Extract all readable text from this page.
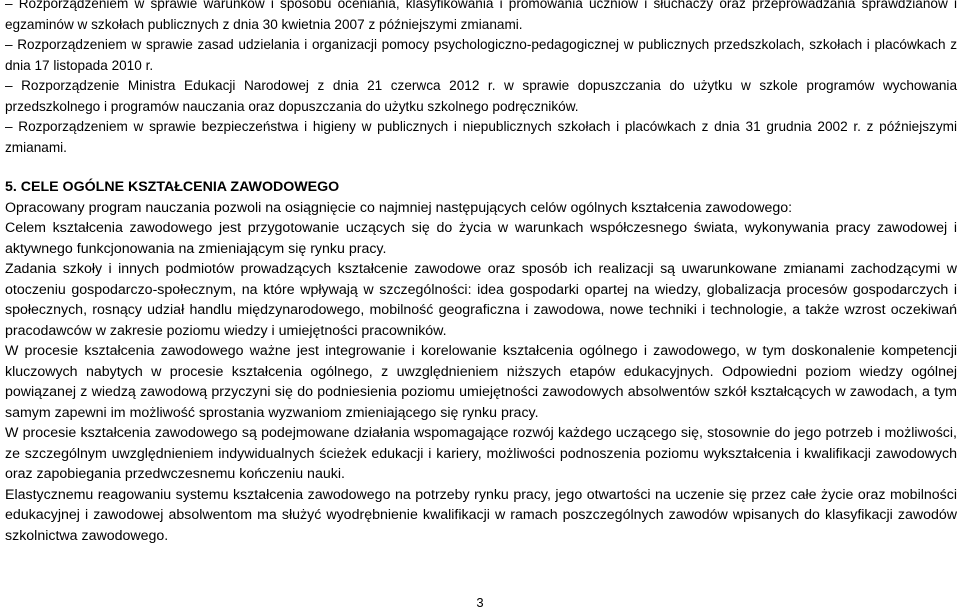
– Rozporządzeniem w sprawie warunków i sposobu oceniania, klasyfikowania i promowania uczniów i słuchaczy oraz przeprowadzania sprawdzianów i egzaminów w szkołach publicznych z dnia 30 kwietnia 2007 z późniejszymi zmianami.

– Rozporządzeniem w sprawie zasad udzielania i organizacji pomocy psychologiczno-pedagogicznej w publicznych przedszkolach, szkołach i placówkach z dnia 17 listopada 2010 r.

– Rozporządzenie Ministra Edukacji Narodowej z dnia 21 czerwca 2012 r. w sprawie dopuszczania do użytku w szkole programów wychowania przedszkolnego i programów nauczania oraz dopuszczania do użytku szkolnego podręczników.

– Rozporządzeniem w sprawie bezpieczeństwa i higieny w publicznych i niepublicznych szkołach i placówkach z dnia 31 grudnia 2002 r. z późniejszymi zmianami.

5. CELE OGÓLNE KSZTAŁCENIA ZAWODOWEGO

Opracowany program nauczania pozwoli na osiągnięcie co najmniej następujących celów ogólnych kształcenia zawodowego:

Celem kształcenia zawodowego jest przygotowanie uczących się do życia w warunkach współczesnego świata, wykonywania pracy zawodowej i aktywnego funkcjonowania na zmieniającym się rynku pracy.

Zadania szkoły i innych podmiotów prowadzących kształcenie zawodowe oraz sposób ich realizacji są uwarunkowane zmianami zachodzącymi w otoczeniu gospodarczo-społecznym, na które wpływają w szczególności: idea gospodarki opartej na wiedzy, globalizacja procesów gospodarczych i społecznych, rosnący udział handlu międzynarodowego, mobilność geograficzna i zawodowa, nowe techniki i technologie, a także wzrost oczekiwań pracodawców w zakresie poziomu wiedzy i umiejętności pracowników.

W procesie kształcenia zawodowego ważne jest integrowanie i korelowanie kształcenia ogólnego i zawodowego, w tym doskonalenie kompetencji kluczowych nabytych w procesie kształcenia ogólnego, z uwzględnieniem niższych etapów edukacyjnych. Odpowiedni poziom wiedzy ogólnej powiązanej z wiedzą zawodową przyczyni się do podniesienia poziomu umiejętności zawodowych absolwentów szkół kształcących w zawodach, a tym samym zapewni im możliwość sprostania wyzwaniom zmieniającego się rynku pracy.

W procesie kształcenia zawodowego są podejmowane działania wspomagające rozwój każdego uczącego się, stosownie do jego potrzeb i możliwości, ze szczególnym uwzględnieniem indywidualnych ścieżek edukacji i kariery, możliwości podnoszenia poziomu wykształcenia i kwalifikacji zawodowych oraz zapobiegania przedwczesnemu kończeniu nauki.

Elastycznemu reagowaniu systemu kształcenia zawodowego na potrzeby rynku pracy, jego otwartości na uczenie się przez całe życie oraz mobilności edukacyjnej i zawodowej absolwentom ma służyć wyodrębnienie kwalifikacji w ramach poszczególnych zawodów wpisanych do klasyfikacji zawodów szkolnictwa zawodowego.

3
